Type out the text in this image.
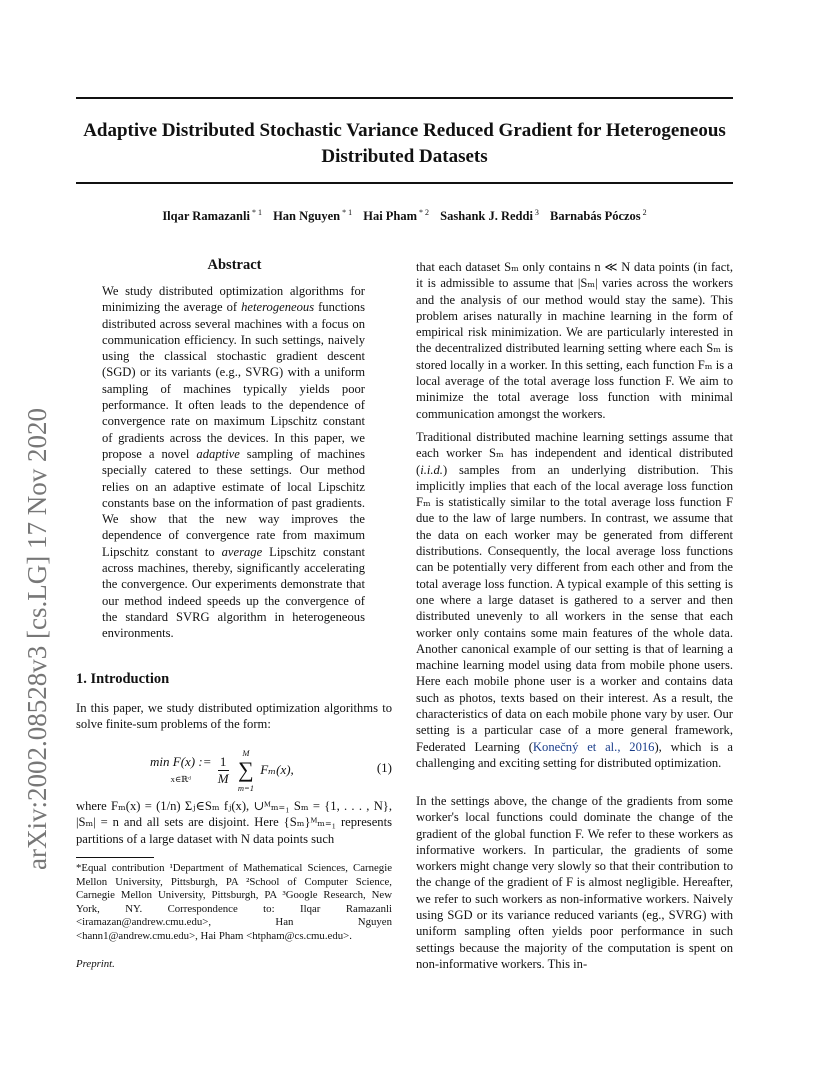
Adaptive Distributed Stochastic Variance Reduced Gradient for Heterogeneous
Distributed Datasets
Ilqar Ramazanli $^{* 1}$ Han Nguyen $^{* 1}$ Hai Pham $^{* 2}$ Sashank J. Reddi $^3$ Barnabás Póczos $^2$
arXiv:2002.08528v3 [cs.LG] 17 Nov 2020
Abstract
We study distributed optimization algorithms for minimizing the average of heterogeneous functions distributed across several machines with a focus on communication efficiency. In such settings, naively using the classical stochastic gradient descent (SGD) or its variants (e.g., SVRG) with a uniform sampling of machines typically yields poor performance. It often leads to the dependence of convergence rate on maximum Lipschitz constant of gradients across the devices. In this paper, we propose a novel adaptive sampling of machines specially catered to these settings. Our method relies on an adaptive estimate of local Lipschitz constants base on the information of past gradients. We show that the new way improves the dependence of convergence rate from maximum Lipschitz constant to average Lipschitz constant across machines, thereby, significantly accelerating the convergence. Our experiments demonstrate that our method indeed speeds up the convergence of the standard SVRG algorithm in heterogeneous environments.
1. Introduction
In this paper, we study distributed optimization algorithms to solve finite-sum problems of the form:
min F(x) :=
x∈ℝᵈ $\frac{1}{M}$
M
∑
m=1 Fₘ(x),	(1)
where Fₘ(x) = (1/n) Σⱼ∈Sₘ fⱼ(x), ∪ᴹₘ₌₁ Sₘ = {1, . . . , N}, |Sₘ| = n and all sets are disjoint. Here {Sₘ}ᴹₘ₌₁ represents partitions of a large dataset with N data points such
*Equal contribution ¹Department of Mathematical Sciences, Carnegie Mellon University, Pittsburgh, PA ²School of Computer Science, Carnegie Mellon University, Pittsburgh, PA ³Google Research, New York, NY. Correspondence to: Ilqar Ramazanli <iramazan@andrew.cmu.edu>, Han Nguyen <hann1@andrew.cmu.edu>, Hai Pham <htpham@cs.cmu.edu>.
Preprint.
that each dataset Sₘ only contains n ≪ N data points (in fact, it is admissible to assume that |Sₘ| varies across the workers and the analysis of our method would stay the same). This problem arises naturally in machine learning in the form of empirical risk minimization. We are particularly interested in the decentralized distributed learning setting where each Sₘ is stored locally in a worker. In this setting, each function Fₘ is a local average of the total average loss function F. We aim to minimize the total average loss function with minimal communication amongst the workers.
Traditional distributed machine learning settings assume that each worker Sₘ has independent and identical distributed (i.i.d.) samples from an underlying distribution. This implicitly implies that each of the local average loss function Fₘ is statistically similar to the total average loss function F due to the law of large numbers. In contrast, we assume that the data on each worker may be generated from different distributions. Consequently, the local average loss functions can be potentially very different from each other and from the total average loss function. A typical example of this setting is one where a large dataset is gathered to a server and then distributed unevenly to all workers in the sense that each worker only contains some main features of the whole data. Another canonical example of our setting is that of learning a machine learning model using data from mobile phone users. Here each mobile phone user is a worker and contains data such as photos, texts based on their interest. As a result, the characteristics of data on each mobile phone vary by user. Our setting is a particular case of a more general framework, Federated Learning (Konečný et al., 2016), which is a challenging and exciting setting for distributed optimization.
In the settings above, the change of the gradients from some worker's local functions could dominate the change of the gradient of the global function F. We refer to these workers as informative workers. In particular, the gradients of some workers might change very slowly so that their contribution to the change of the gradient of F is almost negligible. Hereafter, we refer to such workers as non-informative workers. Naively using SGD or its variance reduced variants (eg., SVRG) with uniform sampling often yields poor performance in such settings because the majority of the computation is spent on non-informative workers. This in-
